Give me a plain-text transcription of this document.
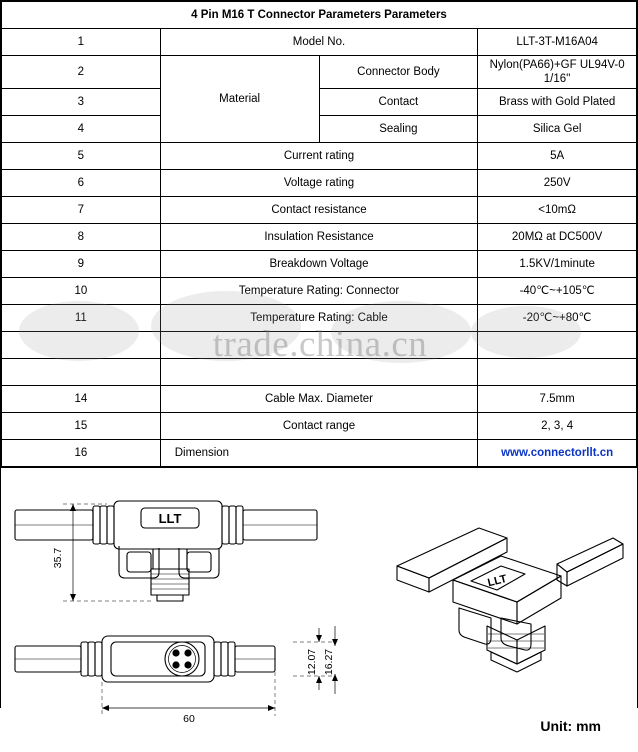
4 Pin M16 T Connector Parameters Parameters			
1	Model No.		LLT-3T-M16A04
2	Material	Connector Body	Nylon(PA66)+GF UL94V-0 1/16''
3		Contact	Brass with Gold Plated
4		Sealing	Silica Gel
5	Current rating		5A
6	Voltage rating		250V
7	Contact resistance		<10mΩ
8	Insulation Resistance		20MΩ at DC500V
9	Breakdown Voltage		1.5KV/1minute
10	Temperature Rating: Connector		-40℃~+105℃
11	Temperature Rating: Cable		-20℃~+80℃

14	Cable Max. Diameter		7.5mm
15	Contact range		2, 3, 4
16	Dimension		www.connectorllt.cn
LLT
LLT
35.7
60
12.07 16.27
Unit: mm
trade.china.cn
